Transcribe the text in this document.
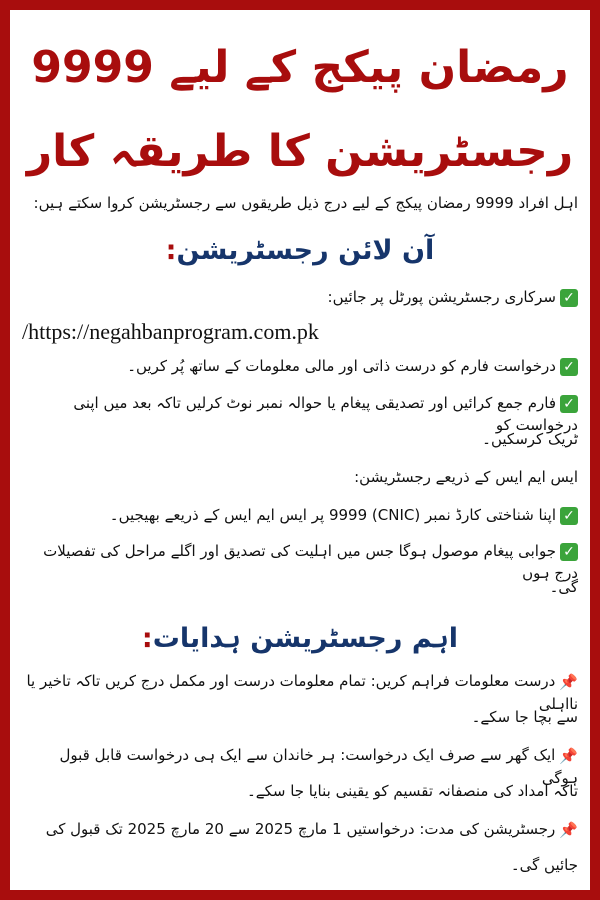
رمضان پیکج کے لیے 9999
رجسٹریشن کا طریقہ کار
اہل افراد 9999 رمضان پیکج کے لیے درج ذیل طریقوں سے رجسٹریشن کروا سکتے ہیں:
آن لائن رجسٹریشن:
✓سرکاری رجسٹریشن پورٹل پر جائیں:
/https://negahbanprogram.com.pk
✓درخواست فارم کو درست ذاتی اور مالی معلومات کے ساتھ پُر کریں۔
✓فارم جمع کرائیں اور تصدیقی پیغام یا حوالہ نمبر نوٹ کرلیں تاکہ بعد میں اپنی درخواست کو
ٹریک کرسکیں۔
ایس ایم ایس کے ذریعے رجسٹریشن:
✓اپنا شناختی کارڈ نمبر (CNIC) 9999 پر ایس ایم ایس کے ذریعے بھیجیں۔
✓جوابی پیغام موصول ہوگا جس میں اہلیت کی تصدیق اور اگلے مراحل کی تفصیلات درج ہوں
گی۔
اہم رجسٹریشن ہدایات:
📌درست معلومات فراہم کریں: تمام معلومات درست اور مکمل درج کریں تاکہ تاخیر یا نااہلی
سے بچا جا سکے۔
📌ایک گھر سے صرف ایک درخواست: ہر خاندان سے ایک ہی درخواست قابل قبول ہوگی
تاکہ امداد کی منصفانہ تقسیم کو یقینی بنایا جا سکے۔
📌رجسٹریشن کی مدت: درخواستیں 1 مارچ 2025 سے 20 مارچ 2025 تک قبول کی
جائیں گی۔
